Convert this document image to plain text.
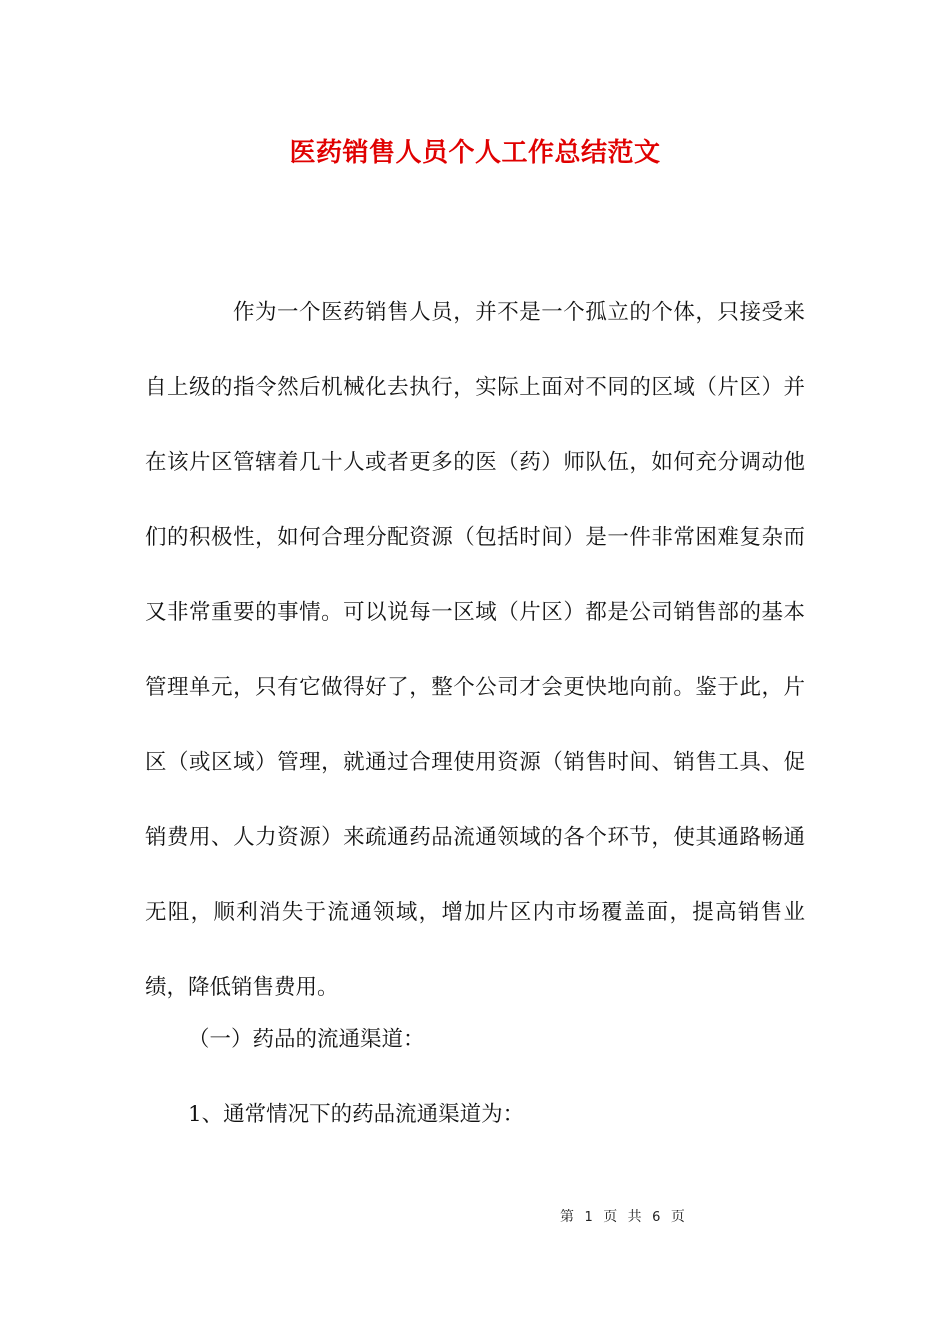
医药销售人员个人工作总结范文

作为一个医药销售人员，并不是一个孤立的个体，只接受来自上级的指令然后机械化去执行，实际上面对不同的区域（片区）并在该片区管辖着几十人或者更多的医（药）师队伍，如何充分调动他们的积极性，如何合理分配资源（包括时间）是一件非常困难复杂而又非常重要的事情。可以说每一区域（片区）都是公司销售部的基本管理单元，只有它做得好了，整个公司才会更快地向前。鉴于此，片区（或区域）管理，就通过合理使用资源（销售时间、销售工具、促销费用、人力资源）来疏通药品流通领域的各个环节，使其通路畅通无阻，顺利消失于流通领域，增加片区内市场覆盖面，提高销售业绩，降低销售费用。

（一）药品的流通渠道：

1、通常情况下的药品流通渠道为：

第 1 页 共 6 页
